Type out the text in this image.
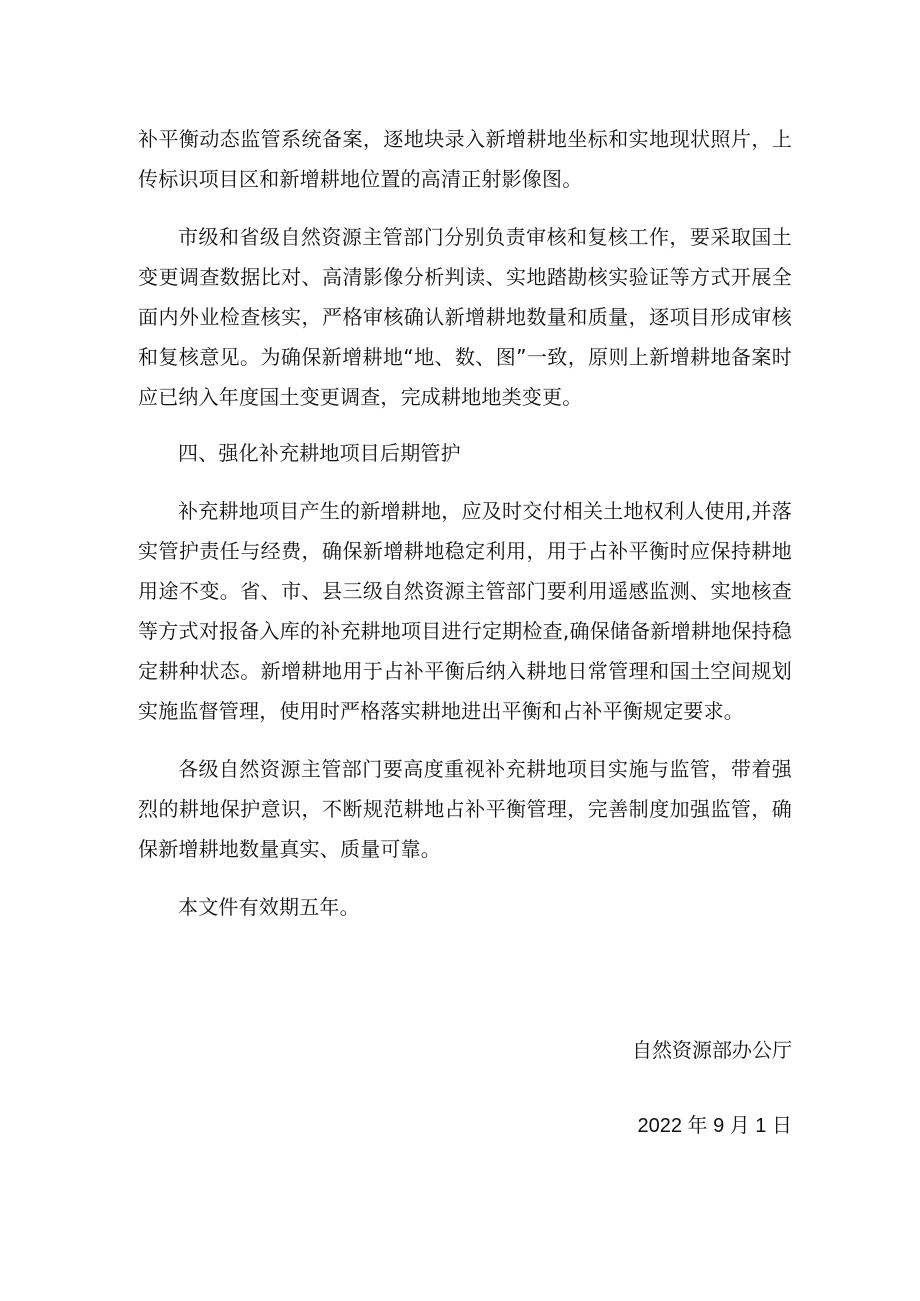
补平衡动态监管系统备案，逐地块录入新增耕地坐标和实地现状照片，上传标识项目区和新增耕地位置的高清正射影像图。

市级和省级自然资源主管部门分别负责审核和复核工作，要采取国土变更调查数据比对、高清影像分析判读、实地踏勘核实验证等方式开展全面内外业检查核实，严格审核确认新增耕地数量和质量，逐项目形成审核和复核意见。为确保新增耕地“地、数、图”一致，原则上新增耕地备案时应已纳入年度国土变更调查，完成耕地地类变更。

四、强化补充耕地项目后期管护

补充耕地项目产生的新增耕地，应及时交付相关土地权利人使用,并落实管护责任与经费，确保新增耕地稳定利用，用于占补平衡时应保持耕地用途不变。省、市、县三级自然资源主管部门要利用遥感监测、实地核查等方式对报备入库的补充耕地项目进行定期检查,确保储备新增耕地保持稳定耕种状态。新增耕地用于占补平衡后纳入耕地日常管理和国土空间规划实施监督管理，使用时严格落实耕地进出平衡和占补平衡规定要求。

各级自然资源主管部门要高度重视补充耕地项目实施与监管，带着强烈的耕地保护意识，不断规范耕地占补平衡管理，完善制度加强监管，确保新增耕地数量真实、质量可靠。

本文件有效期五年。

自然资源部办公厅
2022 年 9 月 1 日
